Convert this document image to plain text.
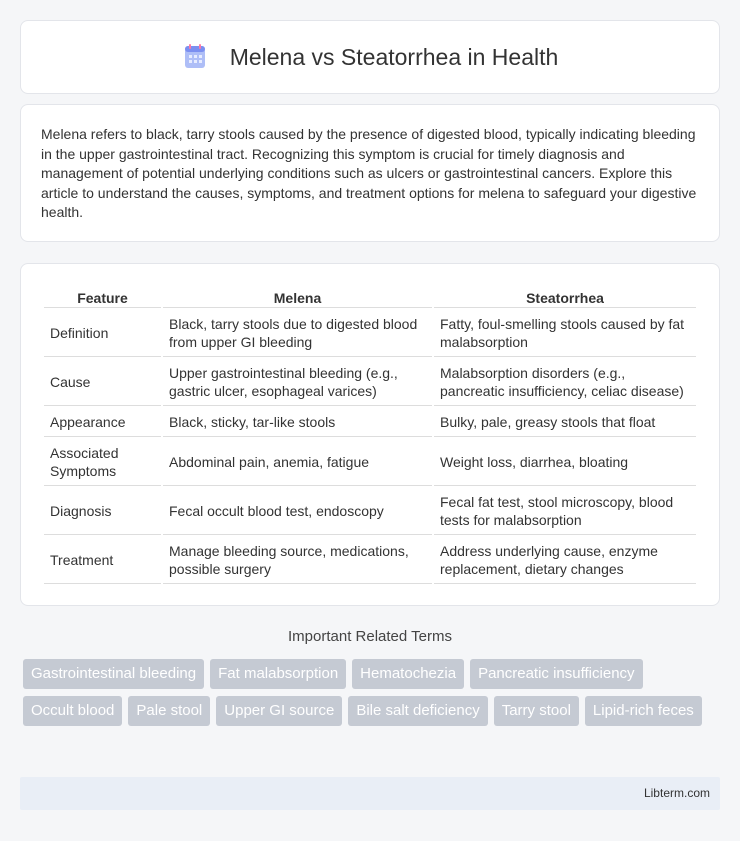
Melena vs Steatorrhea in Health

Melena refers to black, tarry stools caused by the presence of digested blood, typically indicating bleeding in the upper gastrointestinal tract. Recognizing this symptom is crucial for timely diagnosis and management of potential underlying conditions such as ulcers or gastrointestinal cancers. Explore this article to understand the causes, symptoms, and treatment options for melena to safeguard your digestive health.

Feature	Melena	Steatorrhea
Definition	Black, tarry stools due to digested blood from upper GI bleeding	Fatty, foul-smelling stools caused by fat malabsorption
Cause	Upper gastrointestinal bleeding (e.g., gastric ulcer, esophageal varices)	Malabsorption disorders (e.g., pancreatic insufficiency, celiac disease)
Appearance	Black, sticky, tar-like stools	Bulky, pale, greasy stools that float
Associated Symptoms	Abdominal pain, anemia, fatigue	Weight loss, diarrhea, bloating
Diagnosis	Fecal occult blood test, endoscopy	Fecal fat test, stool microscopy, blood tests for malabsorption
Treatment	Manage bleeding source, medications, possible surgery	Address underlying cause, enzyme replacement, dietary changes
Important Related Terms
Gastrointestinal bleeding	Fat malabsorption	Hematochezia	Pancreatic insufficiency
Occult blood	Pale stool	Upper GI source	Bile salt deficiency	Tarry stool	Lipid-rich feces
Libterm.com
